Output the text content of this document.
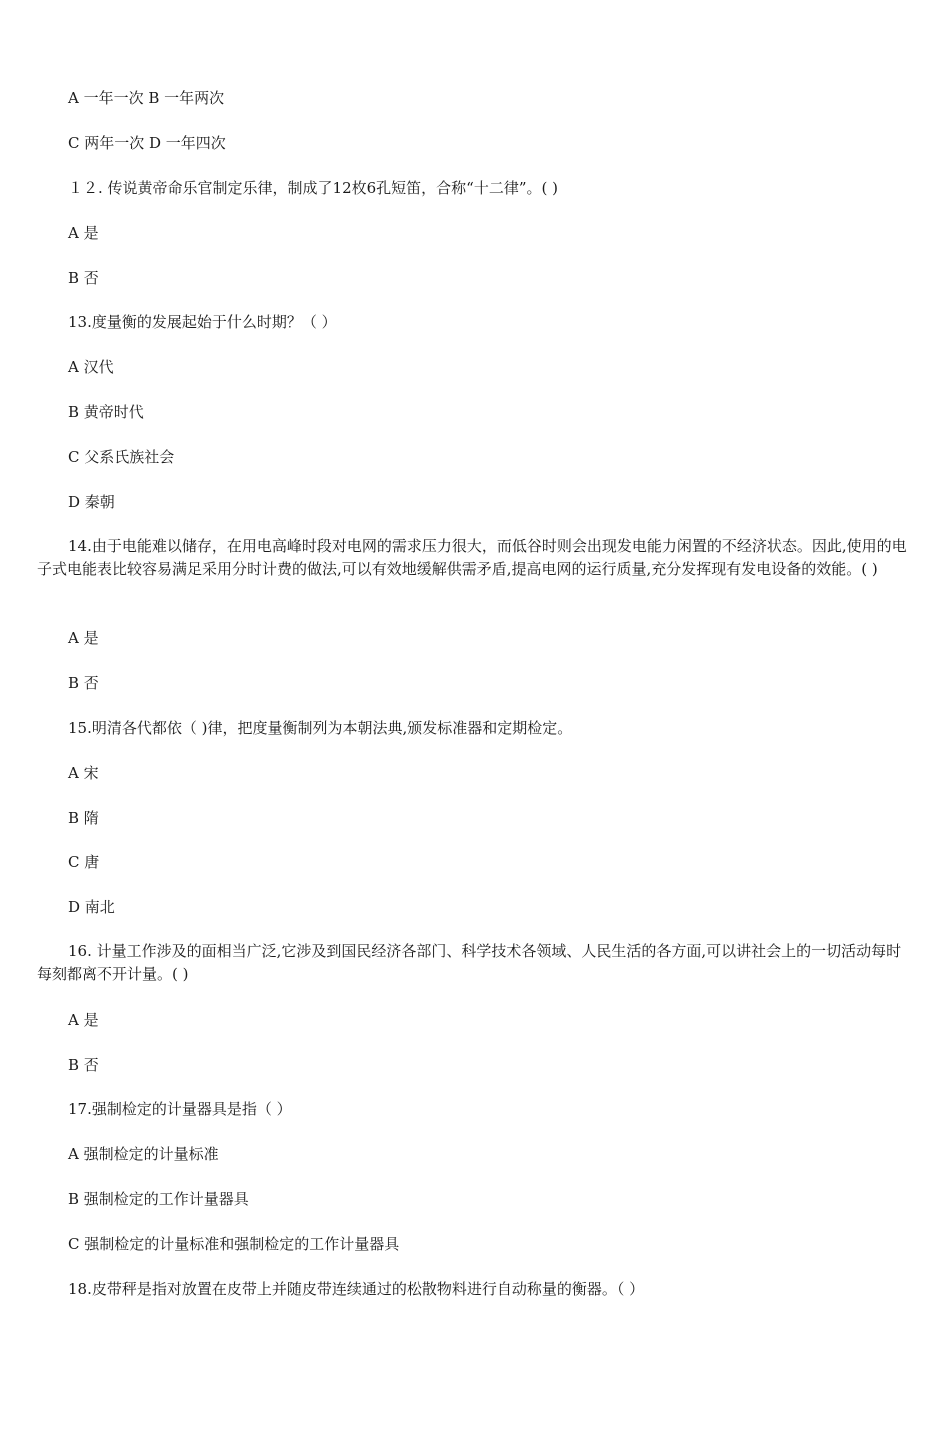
A 一年一次 B 一年两次
C 两年一次 D 一年四次
１２. 传说黄帝命乐官制定乐律，制成了12枚6孔短笛，合称“十二律”。( )
A 是
B 否
13.度量衡的发展起始于什么时期？（ ）
A 汉代
B 黄帝时代
C 父系氏族社会
D 秦朝
14.由于电能难以储存，在用电高峰时段对电网的需求压力很大，而低谷时则会出现发电能力闲置的不经济状态。因此,使用的电子式电能表比较容易满足采用分时计费的做法,可以有效地缓解供需矛盾,提高电网的运行质量,充分发挥现有发电设备的效能。( )
A 是
B 否
15.明清各代都依（ )律，把度量衡制列为本朝法典,颁发标准器和定期检定。
A 宋
B 隋
C 唐
D 南北
16. 计量工作涉及的面相当广泛,它涉及到国民经济各部门、科学技术各领域、人民生活的各方面,可以讲社会上的一切活动每时每刻都离不开计量。( )
A 是
B 否
17.强制检定的计量器具是指（ ）
A 强制检定的计量标准
B 强制检定的工作计量器具
C 强制检定的计量标准和强制检定的工作计量器具
18.皮带秤是指对放置在皮带上并随皮带连续通过的松散物料进行自动称量的衡器。（ ）
